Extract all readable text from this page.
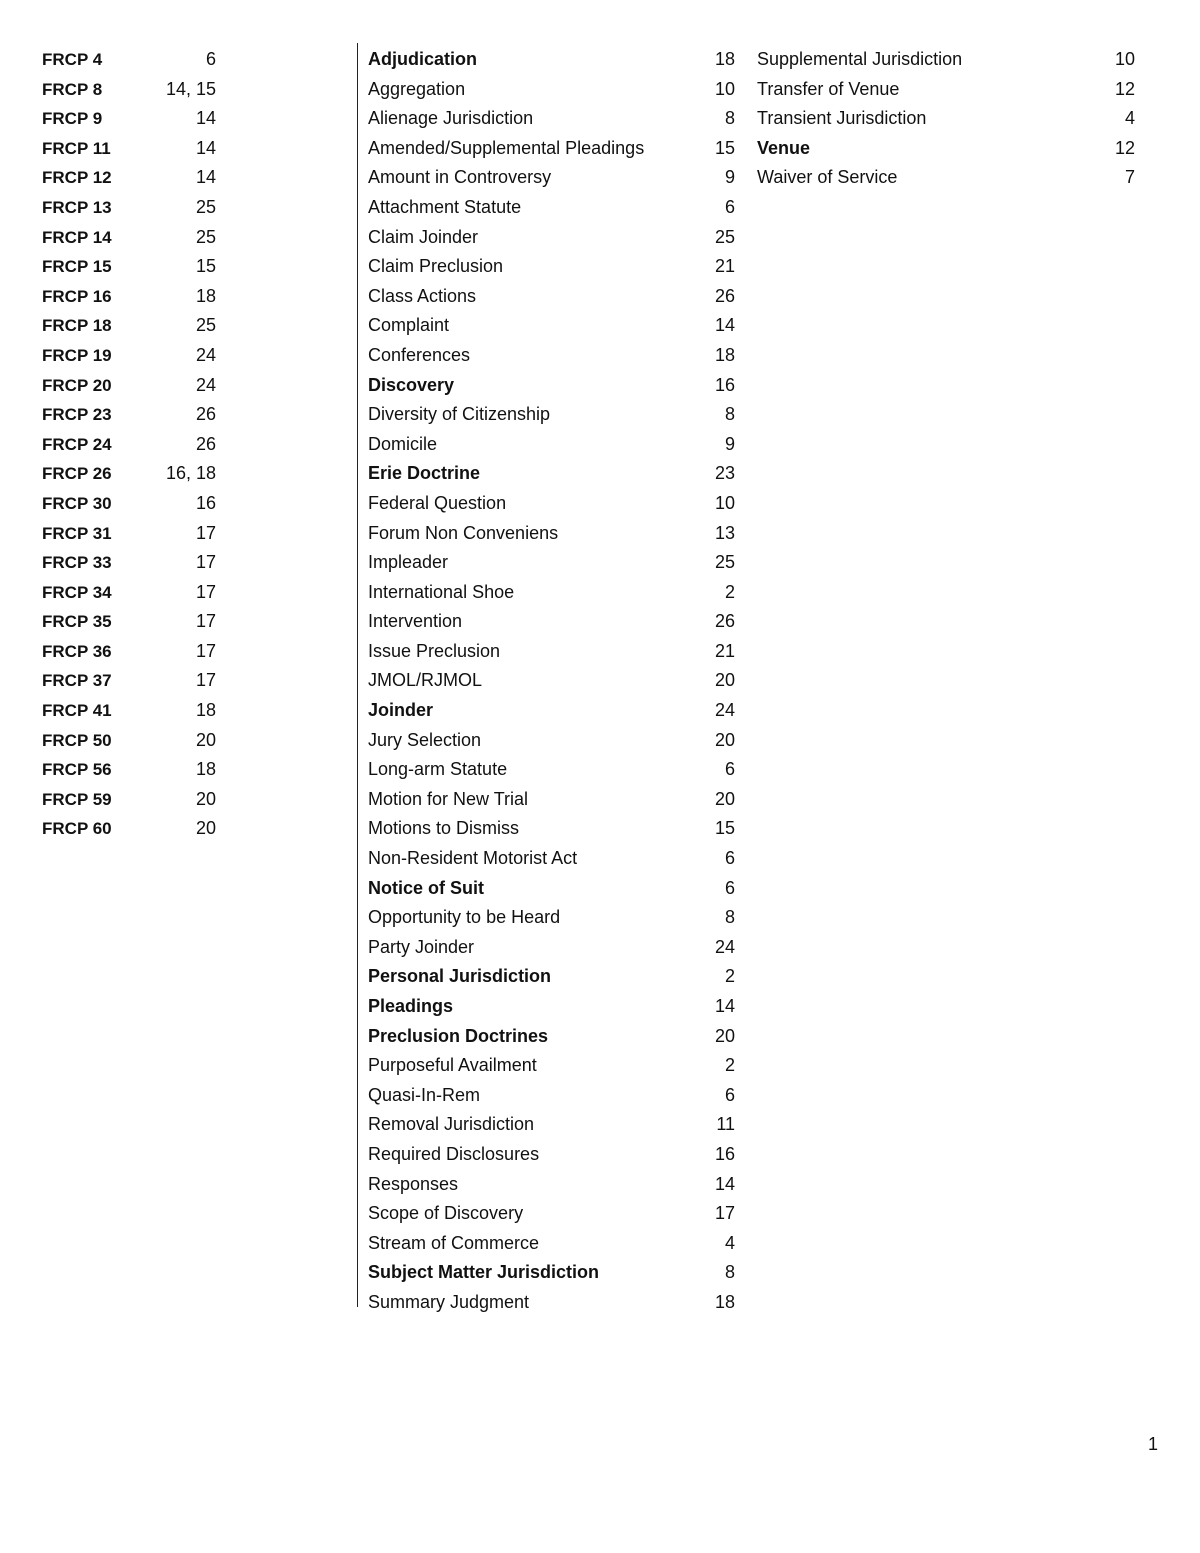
FRCP 4	6
FRCP 8	14, 15
FRCP 9	14
FRCP 11	14
FRCP 12	14
FRCP 13	25
FRCP 14	25
FRCP 15	15
FRCP 16	18
FRCP 18	25
FRCP 19	24
FRCP 20	24
FRCP 23	26
FRCP 24	26
FRCP 26	16, 18
FRCP 30	16
FRCP 31	17
FRCP 33	17
FRCP 34	17
FRCP 35	17
FRCP 36	17
FRCP 37	17
FRCP 41	18
FRCP 50	20
FRCP 56	18
FRCP 59	20
FRCP 60	20
Adjudication	18
Aggregation	10
Alienage Jurisdiction	8
Amended/Supplemental Pleadings	15
Amount in Controversy	9
Attachment Statute	6
Claim Joinder	25
Claim Preclusion	21
Class Actions	26
Complaint	14
Conferences	18
Discovery	16
Diversity of Citizenship	8
Domicile	9
Erie Doctrine	23
Federal Question	10
Forum Non Conveniens	13
Impleader	25
International Shoe	2
Intervention	26
Issue Preclusion	21
JMOL/RJMOL	20
Joinder	24
Jury Selection	20
Long-arm Statute	6
Motion for New Trial	20
Motions to Dismiss	15
Non-Resident Motorist Act	6
Notice of Suit	6
Opportunity to be Heard	8
Party Joinder	24
Personal Jurisdiction	2
Pleadings	14
Preclusion Doctrines	20
Purposeful Availment	2
Quasi-In-Rem	6
Removal Jurisdiction	11
Required Disclosures	16
Responses	14
Scope of Discovery	17
Stream of Commerce	4
Subject Matter Jurisdiction	8
Summary Judgment	18
Supplemental Jurisdiction	10
Transfer of Venue	12
Transient Jurisdiction	4
Venue	12
Waiver of Service	7
1
